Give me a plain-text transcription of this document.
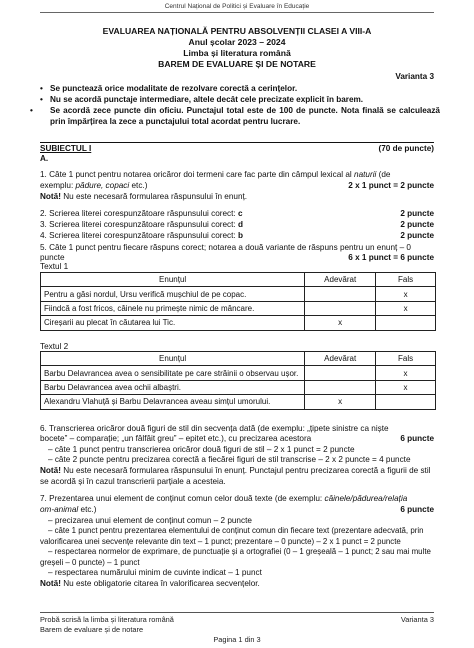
Centrul Național de Politici și Evaluare în Educație
EVALUAREA NAȚIONALĂ PENTRU ABSOLVENȚII CLASEI A VIII-A
Anul școlar 2023 – 2024
Limba și literatura română
BAREM DE EVALUARE ȘI DE NOTARE
Varianta 3
• Se punctează orice modalitate de rezolvare corectă a cerințelor.
• Nu se acordă punctaje intermediare, altele decât cele precizate explicit în barem.
• Se acordă zece puncte din oficiu. Punctajul total este de 100 de puncte. Nota finală se calculează prin împărțirea la zece a punctajului total acordat pentru lucrare.
SUBIECTUL I	(70 de puncte)
A.
1. Câte 1 punct pentru notarea oricăror doi termeni care fac parte din câmpul lexical al naturii (de
exemplu: pădure, copaci etc.)	2 x 1 punct = 2 puncte
Notă! Nu este necesară formularea răspunsului în enunț.
2. Scrierea literei corespunzătoare răspunsului corect: c	2 puncte
3. Scrierea literei corespunzătoare răspunsului corect: d	2 puncte
4. Scrierea literei corespunzătoare răspunsului corect: b	2 puncte
5. Câte 1 punct pentru fiecare răspuns corect; notarea a două variante de răspuns pentru un enunț – 0
puncte	6 x 1 punct = 6 puncte
Textul 1
Enunțul	Adevărat	Fals
Pentru a găsi nordul, Ursu verifică mușchiul de pe copac.		x
Fiindcă a fost fricos, câinele nu primește nimic de mâncare.		x
Cireșarii au plecat în căutarea lui Tic.	x	
Textul 2
Enunțul	Adevărat	Fals
Barbu Delavrancea avea o sensibilitate pe care străinii o observau ușor.		x
Barbu Delavrancea avea ochii albaștri.		x
Alexandru Vlahuță și Barbu Delavrancea aveau simțul umorului.	x	
6. Transcrierea oricăror două figuri de stil din secvența dată (de exemplu: „țipete sinistre ca niște
bocete” – comparație; „un fâlfâit greu” – epitet etc.), cu precizarea acestora	6 puncte
– câte 1 punct pentru transcrierea oricăror două figuri de stil – 2 x 1 punct = 2 puncte
– câte 2 puncte pentru precizarea corectă a fiecărei figuri de stil transcrise – 2 x 2 puncte = 4 puncte
Notă! Nu este necesară formularea răspunsului în enunț. Punctajul pentru precizarea corectă a figurii de stil se acordă și în cazul transcrierii parțiale a acesteia.
7. Prezentarea unui element de conținut comun celor două texte (de exemplu: câinele/pădurea/relația
om-animal etc.)	6 puncte
– precizarea unui element de conținut comun – 2 puncte
– câte 1 punct pentru prezentarea elementului de conținut comun din fiecare text (prezentare adecvată, prin valorificarea unei secvențe relevante din text – 1 punct; prezentare – 0 puncte) – 2 x 1 punct = 2 puncte
– respectarea normelor de exprimare, de punctuație și a ortografiei (0 – 1 greșeală – 1 punct; 2 sau mai multe greșeli – 0 puncte) – 1 punct
– respectarea numărului minim de cuvinte indicat – 1 punct
Notă! Nu este obligatorie citarea în valorificarea secvențelor.
Probă scrisă la limba și literatura română
Barem de evaluare și de notare
Varianta 3
Pagina 1 din 3
